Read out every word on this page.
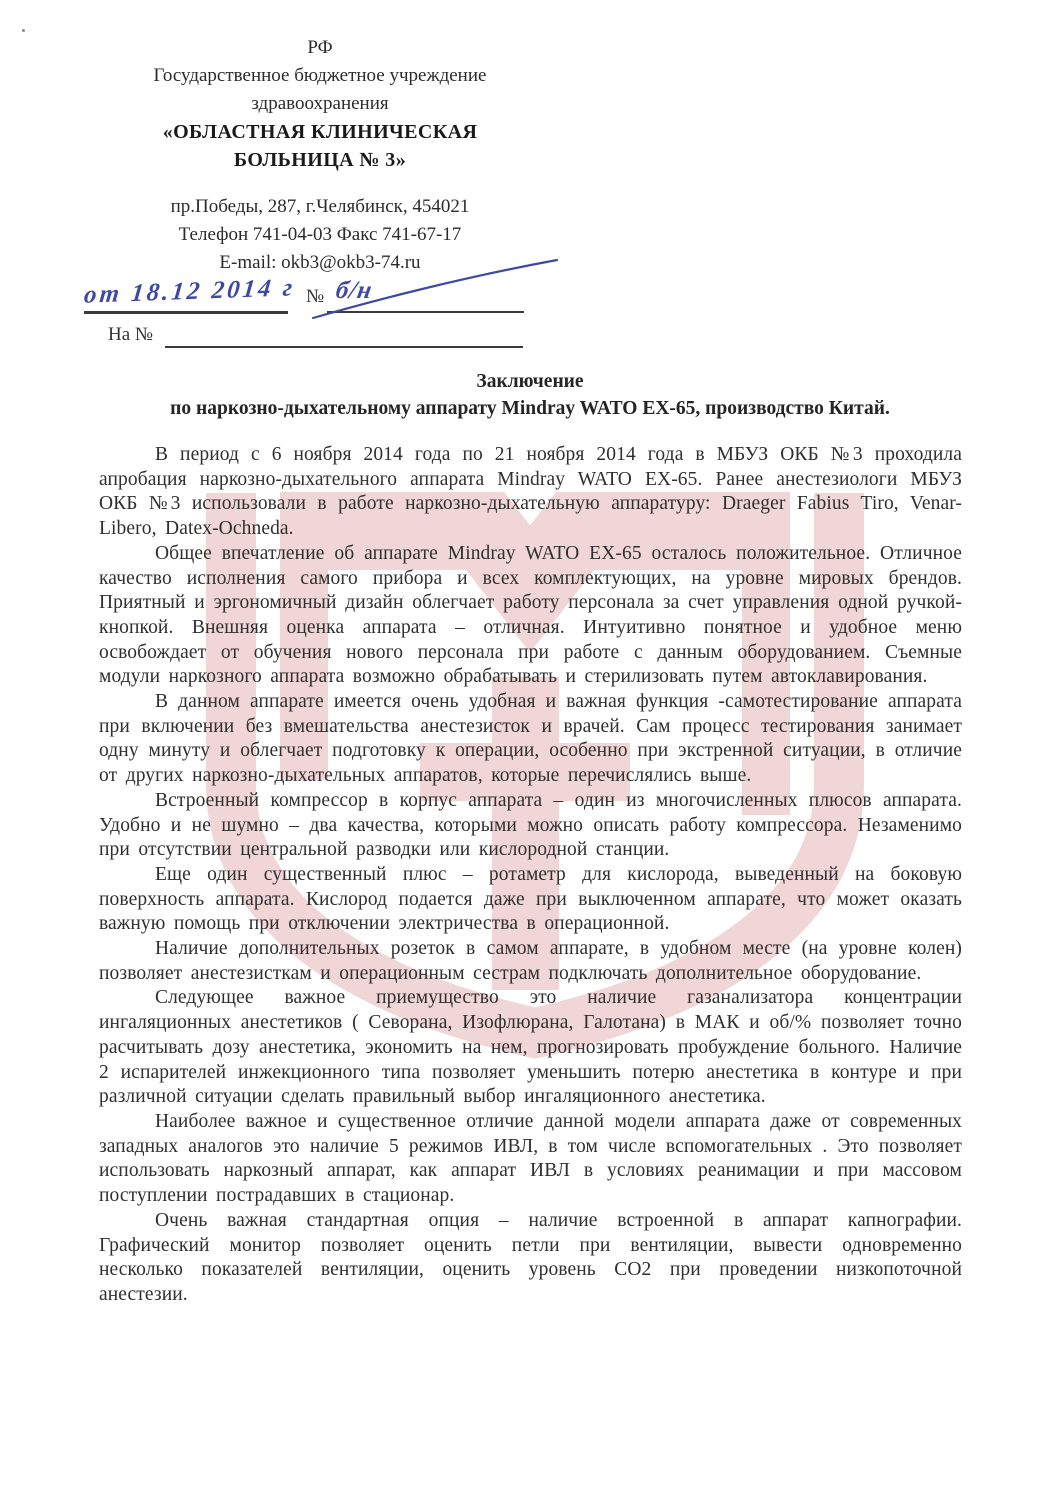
РФ
Государственное бюджетное учреждение
здравоохранения
«ОБЛАСТНАЯ КЛИНИЧЕСКАЯ
БОЛЬНИЦА № 3»
пр.Победы, 287, г.Челябинск, 454021
Телефон 741-04-03 Факс 741-67-17
E-mail: okb3@okb3-74.ru
от 18.12 2014 г № б/н
На №
Заключение
по наркозно-дыхательному аппарату Mindray WATO EX-65, производство Китай.

В период с 6 ноября 2014 года по 21 ноября 2014 года в МБУЗ ОКБ №3 проходила апробация наркозно-дыхательного аппарата Mindray WATO EX-65. Ранее анестезиологи МБУЗ ОКБ №3 использовали в работе наркозно-дыхательную аппаратуру: Draeger Fabius Tiro, Venar-Libero, Datex-Ochneda.

Общее впечатление об аппарате Mindray WATO EX-65 осталось положительное. Отличное качество исполнения самого прибора и всех комплектующих, на уровне мировых брендов. Приятный и эргономичный дизайн облегчает работу персонала за счет управления одной ручкой-кнопкой. Внешняя оценка аппарата – отличная. Интуитивно понятное и удобное меню освобождает от обучения нового персонала при работе с данным оборудованием. Съемные модули наркозного аппарата возможно обрабатывать и стерилизовать путем автоклавирования.

В данном аппарате имеется очень удобная и важная функция -самотестирование аппарата при включении без вмешательства анестезисток и врачей. Сам процесс тестирования занимает одну минуту и облегчает подготовку к операции, особенно при экстренной ситуации, в отличие от других наркозно-дыхательных аппаратов, которые перечислялись выше.

Встроенный компрессор в корпус аппарата – один из многочисленных плюсов аппарата. Удобно и не шумно – два качества, которыми можно описать работу компрессора. Незаменимо при отсутствии центральной разводки или кислородной станции.

Еще один существенный плюс – ротаметр для кислорода, выведенный на боковую поверхность аппарата. Кислород подается даже при выключенном аппарате, что может оказать важную помощь при отключении электричества в операционной.

Наличие дополнительных розеток в самом аппарате, в удобном месте (на уровне колен) позволяет анестезисткам и операционным сестрам подключать дополнительное оборудование.

Следующее важное приемущество это наличие газанализатора концентрации ингаляционных анестетиков ( Севорана, Изофлюрана, Галотана) в МАК и об/% позволяет точно расчитывать дозу анестетика, экономить на нем, прогнозировать пробуждение больного. Наличие 2 испарителей инжекционного типа позволяет уменьшить потерю анестетика в контуре и при различной ситуации сделать правильный выбор ингаляционного анестетика.

Наиболее важное и существенное отличие данной модели аппарата даже от современных западных аналогов это наличие 5 режимов ИВЛ, в том числе вспомогательных . Это позволяет использовать наркозный аппарат, как аппарат ИВЛ в условиях реанимации и при массовом поступлении пострадавших в стационар.

Очень важная стандартная опция – наличие встроенной в аппарат капнографии. Графический монитор позволяет оценить петли при вентиляции, вывести одновременно несколько показателей вентиляции, оценить уровень СО2 при проведении низкопоточной анестезии.
